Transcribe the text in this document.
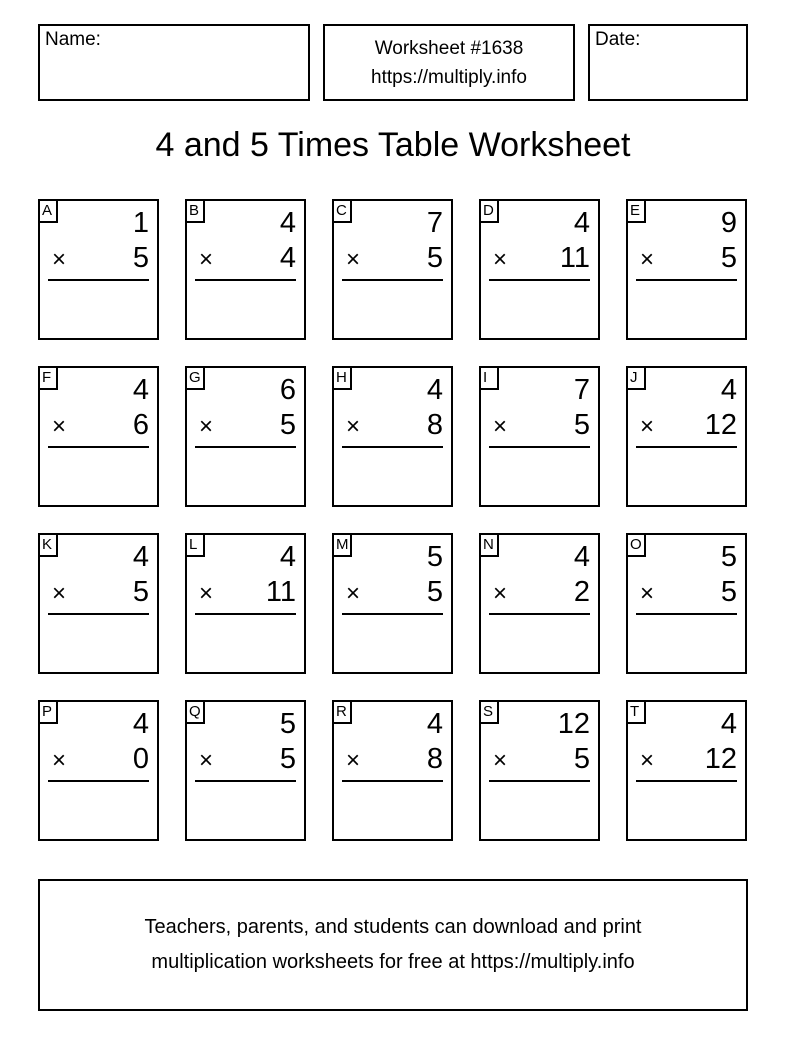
Name:	Worksheet #1638
https://multiply.info
Date:
4 and 5 Times Table Worksheet
A	1
× 5
B	4
× 4
C	7
× 5
D	4
× 11
E	9
× 5
F	4
× 6
G	6
× 5
H	4
× 8
I	7
× 5
J	4
× 12
K	4
× 5
L	4
× 11
M	5
× 5
N	4
× 2
O	5
× 5
P	4
× 0
Q	5
× 5
R	4
× 8
S 12
× 5
T	4
× 12
Teachers, parents, and students can download and print
multiplication worksheets for free at https://multiply.info
